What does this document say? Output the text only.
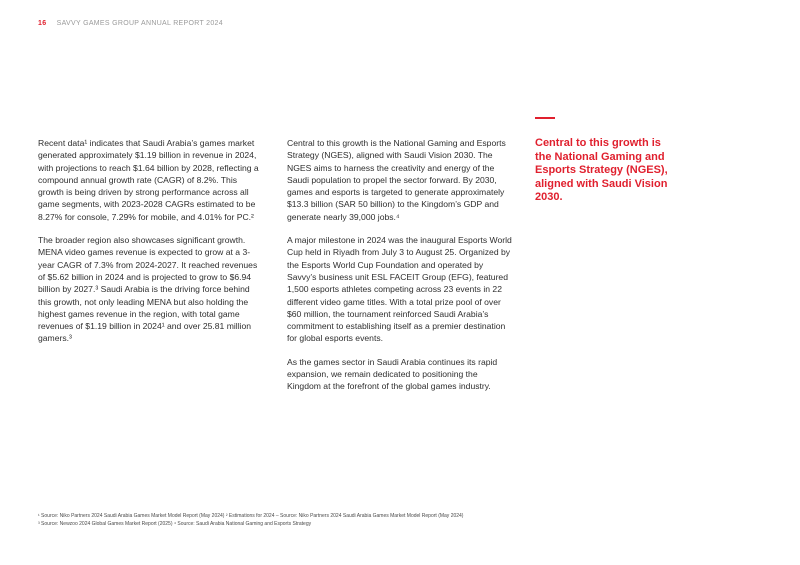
16 SAVVY GAMES GROUP ANNUAL REPORT 2024

Recent data¹ indicates that Saudi Arabia’s games market generated approximately $1.19 billion in revenue in 2024, with projections to reach $1.64 billion by 2028, reflecting a compound annual growth rate (CAGR) of 8.2%. This growth is being driven by strong performance across all game segments, with 2023-2028 CAGRs estimated to be 8.27% for console, 7.29% for mobile, and 4.01% for PC.²

The broader region also showcases significant growth. MENA video games revenue is expected to grow at a 3-year CAGR of 7.3% from 2024-2027. It reached revenues of $5.62 billion in 2024 and is projected to grow to $6.94 billion by 2027.³ Saudi Arabia is the driving force behind this growth, not only leading MENA but also holding the highest games revenue in the region, with total game revenues of $1.19 billion in 2024¹ and over 25.81 million gamers.³

Central to this growth is the National Gaming and Esports Strategy (NGES), aligned with Saudi Vision 2030. The NGES aims to harness the creativity and energy of the Saudi population to propel the sector forward. By 2030, games and esports is targeted to generate approximately $13.3 billion (SAR 50 billion) to the Kingdom’s GDP and generate nearly 39,000 jobs.⁴

A major milestone in 2024 was the inaugural Esports World Cup held in Riyadh from July 3 to August 25. Organized by the Esports World Cup Foundation and operated by Savvy’s business unit ESL FACEIT Group (EFG), featured 1,500 esports athletes competing across 23 events in 22 different video game titles. With a total prize pool of over $60 million, the tournament reinforced Saudi Arabia’s commitment to establishing itself as a premier destination for global esports events.

As the games sector in Saudi Arabia continues its rapid expansion, we remain dedicated to positioning the Kingdom at the forefront of the global games industry.

Central to this growth is the National Gaming and Esports Strategy (NGES), aligned with Saudi Vision 2030.
¹ Source: Niko Partners 2024 Saudi Arabia Games Market Model Report (May 2024) ² Estimations for 2024 – Source: Niko Partners 2024 Saudi Arabia Games Market Model Report (May 2024)
³ Source: Newzoo 2024 Global Games Market Report (2025) ⁴ Source: Saudi Arabia National Gaming and Esports Strategy
